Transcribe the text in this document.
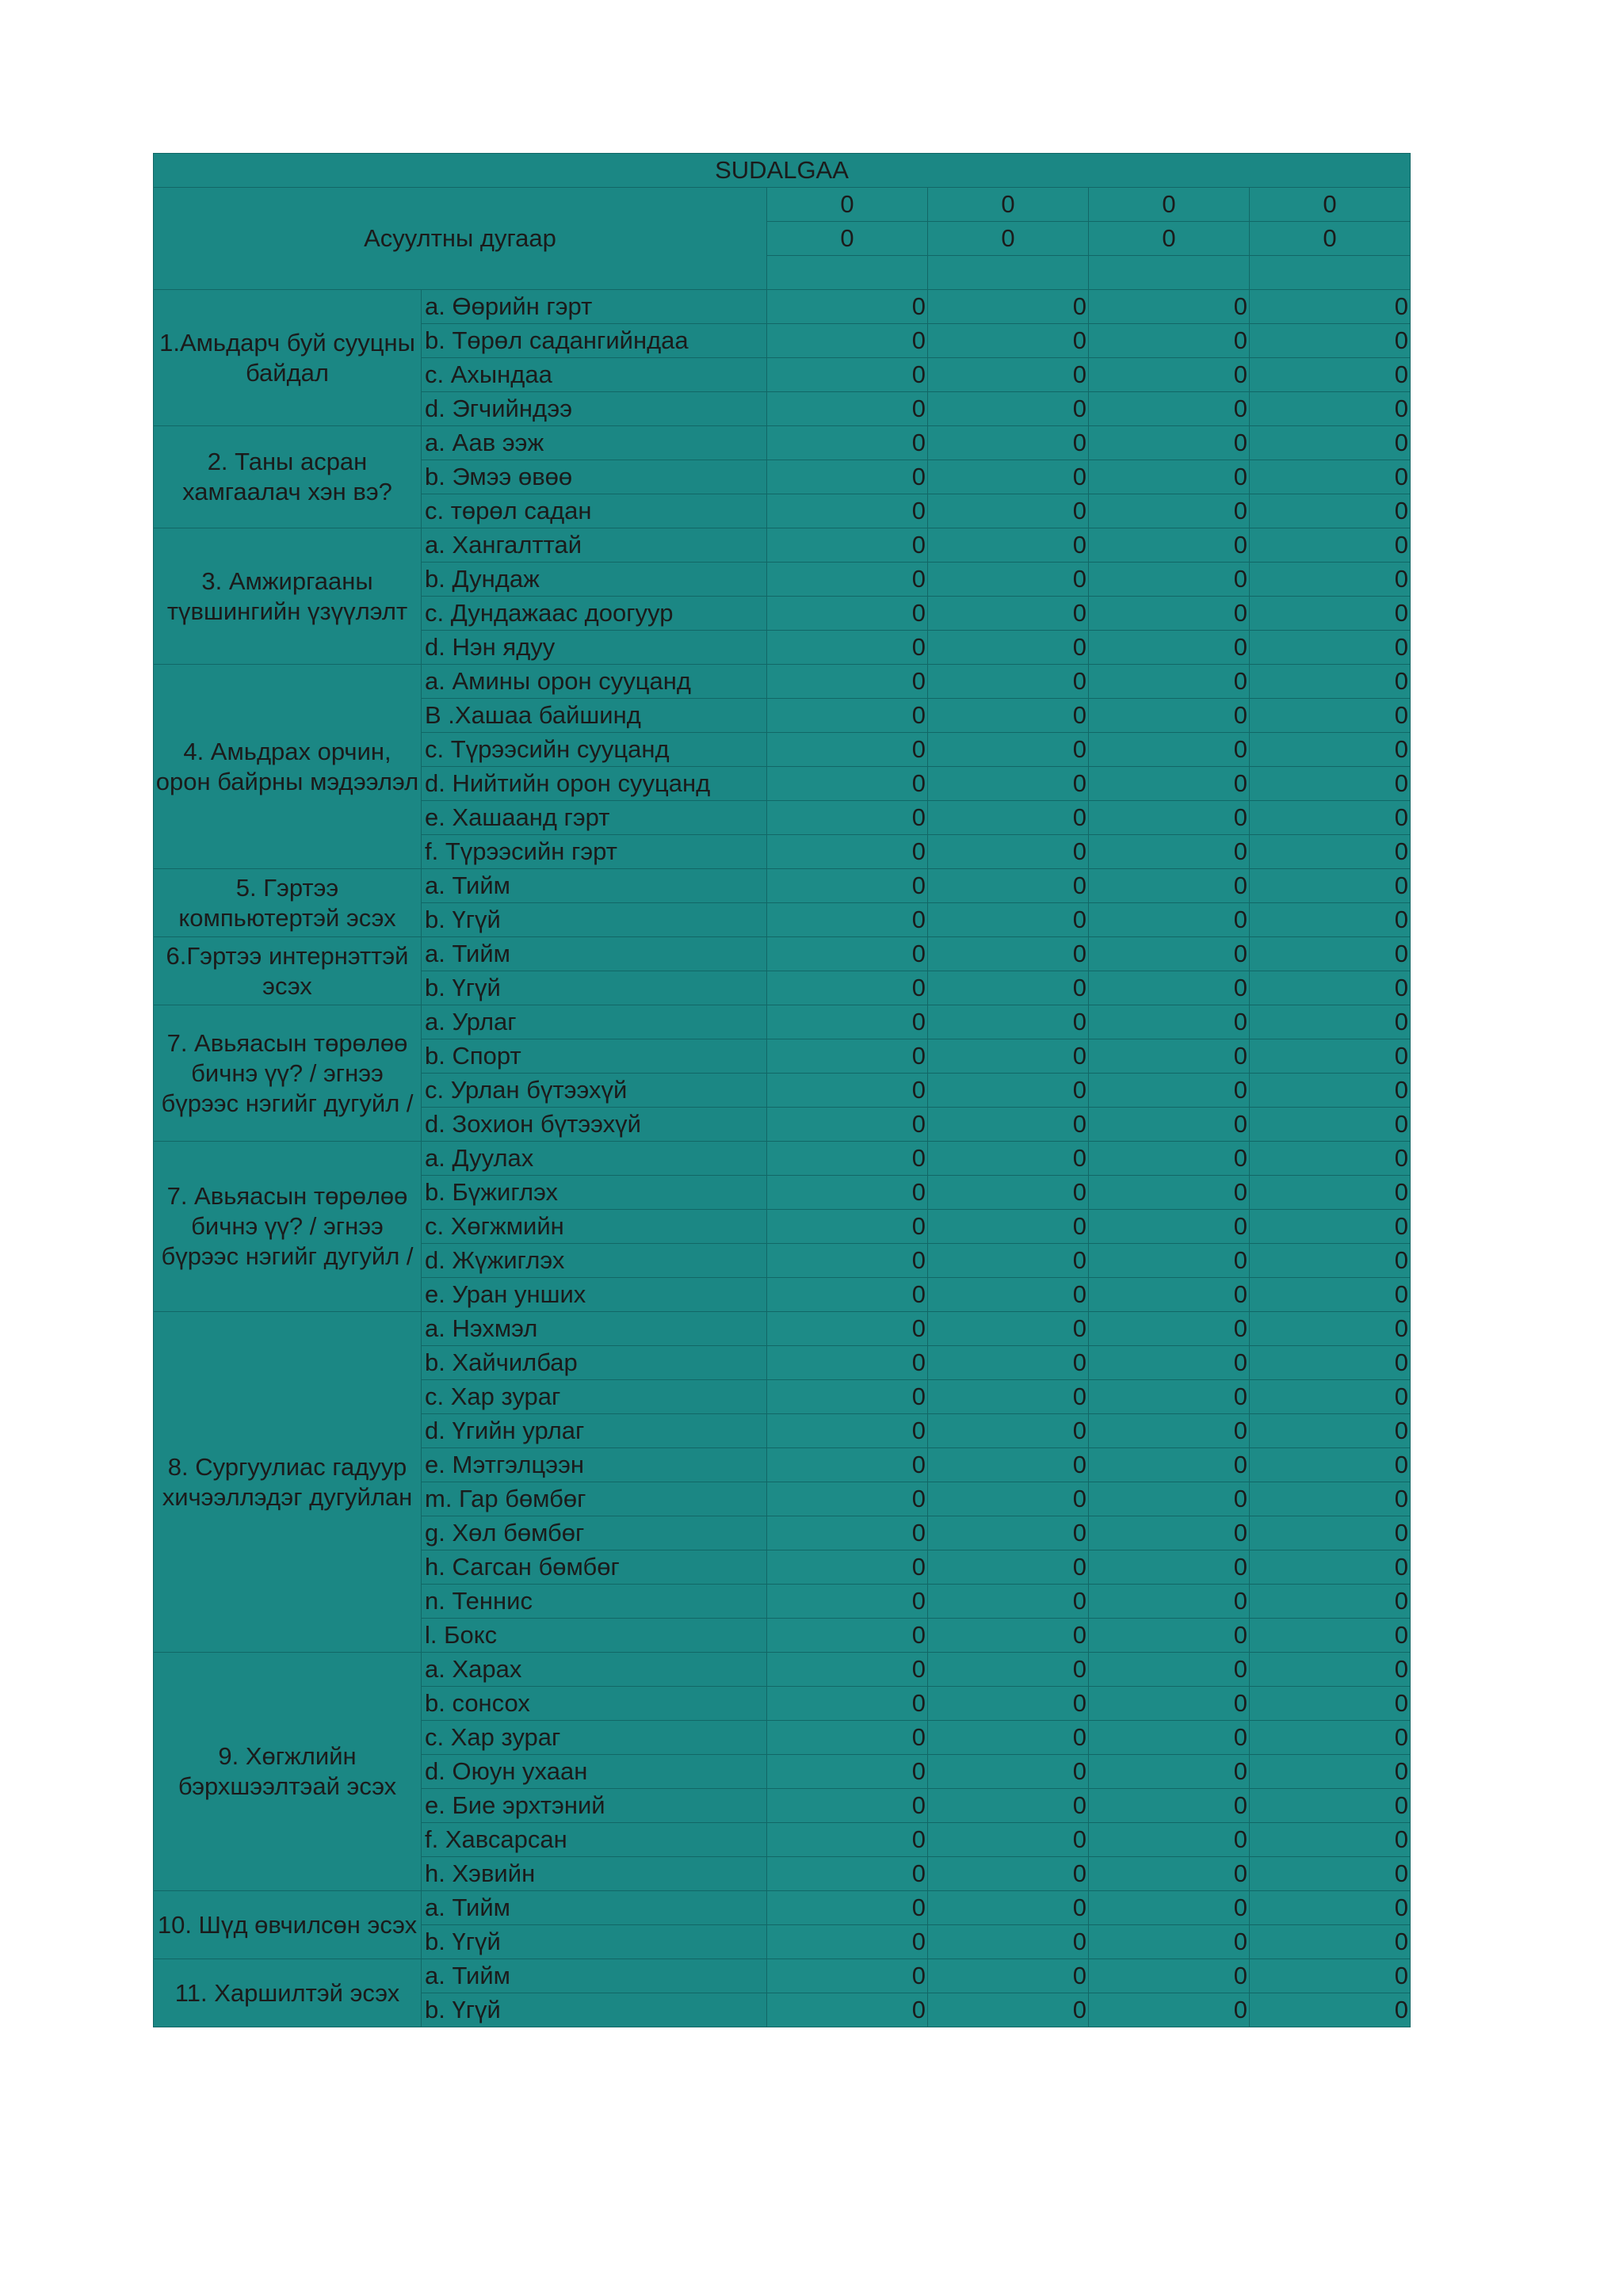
SUDALGAA					
Асуултны дугаар		0	0	0	0
		0	0	0	0

1.Амьдарч буй сууцны байдал	a. Өөрийн гэрт	0	0	0	0
	b. Төрөл садангийндаа	0	0	0	0
	c. Ахындаа	0	0	0	0
	d. Эгчийндээ	0	0	0	0
2. Таны асран хамгаалач хэн вэ?	a. Аав ээж	0	0	0	0
	b. Эмээ өвөө	0	0	0	0
	c. төрөл садан	0	0	0	0
3. Амжиргааны түвшингийн үзүүлэлт	a. Хангалттай	0	0	0	0
	b. Дундаж	0	0	0	0
	c. Дундажаас доогуур	0	0	0	0
	d. Нэн ядуу	0	0	0	0
4. Амьдрах орчин, орон байрны мэдээлэл	a. Амины орон сууцанд	0	0	0	0
	B .Хашаа байшинд	0	0	0	0
	c. Түрээсийн сууцанд	0	0	0	0
	d. Нийтийн орон сууцанд	0	0	0	0
	e. Хашаанд гэрт	0	0	0	0
	f. Түрээсийн гэрт	0	0	0	0
5. Гэртээ компьютертэй эсэх	a. Тийм	0	0	0	0
	b. Үгүй	0	0	0	0
6.Гэртээ интернэттэй эсэх	a. Тийм	0	0	0	0
	b. Үгүй	0	0	0	0
7. Авьяасын төрөлөө бичнэ үү? / эгнээ бүрээс нэгийг дугуйл /	a. Урлаг	0	0	0	0
	b. Спорт	0	0	0	0
	c. Урлан бүтээхүй	0	0	0	0
	d. Зохион бүтээхүй	0	0	0	0
7. Авьяасын төрөлөө бичнэ үү? / эгнээ бүрээс нэгийг дугуйл /	a. Дуулах	0	0	0	0
	b. Бүжиглэх	0	0	0	0
	c. Хөгжмийн	0	0	0	0
	d. Жүжиглэх	0	0	0	0
	e. Уран унших	0	0	0	0
8. Сургуулиас гадуур хичээллэдэг дугуйлан	a. Нэхмэл	0	0	0	0
	b. Хайчилбар	0	0	0	0
	c. Хар зураг	0	0	0	0
	d. Үгийн урлаг	0	0	0	0
	e. Мэтгэлцээн	0	0	0	0
	m. Гар бөмбөг	0	0	0	0
	g. Хөл бөмбөг	0	0	0	0
	h. Сагсан бөмбөг	0	0	0	0
	n. Теннис	0	0	0	0
	l. Бокс	0	0	0	0
9. Хөгжлийн бэрхшээлтэай эсэх	a. Харах	0	0	0	0
	b. сонсох	0	0	0	0
	c. Хар зураг	0	0	0	0
	d. Оюун ухаан	0	0	0	0
	e. Бие эрхтэний	0	0	0	0
	f. Хавсарсан	0	0	0	0
	h. Хэвийн	0	0	0	0
10. Шүд өвчилсөн эсэх	a. Тийм	0	0	0	0
	b. Үгүй	0	0	0	0
11. Харшилтэй эсэх	a. Тийм	0	0	0	0
	b. Үгүй	0	0	0	0
